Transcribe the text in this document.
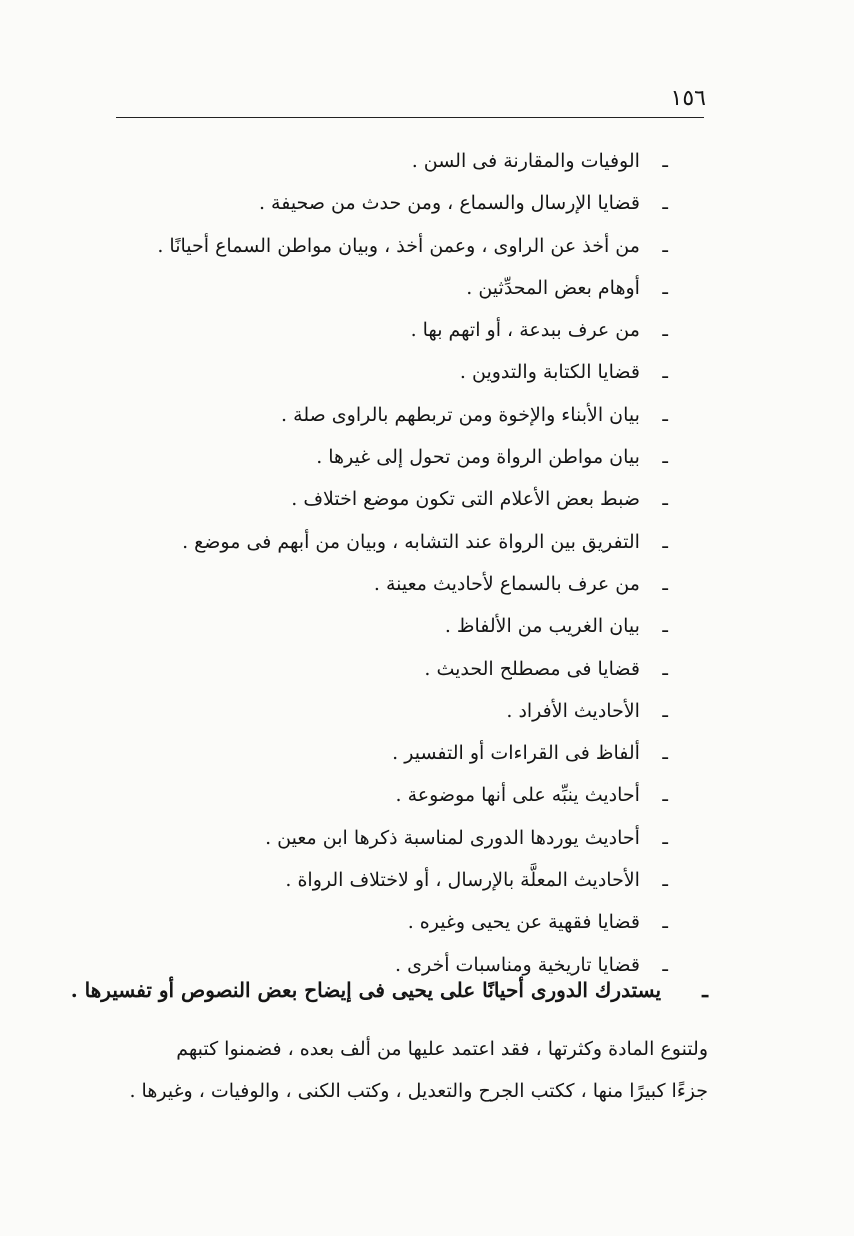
١٥٦
ـ الوفيات والمقارنة فى السن .
ـ قضايا الإرسال والسماع ، ومن حدث من صحيفة .
ـ من أخذ عن الراوى ، وعمن أخذ ، وبيان مواطن السماع أحيانًا .
ـ أوهام بعض المحدِّثين .
ـ من عرف ببدعة ، أو اتهم بها .
ـ قضايا الكتابة والتدوين .
ـ بيان الأبناء والإخوة ومن تربطهم بالراوى صلة .
ـ بيان مواطن الرواة ومن تحول إلى غيرها .
ـ ضبط بعض الأعلام التى تكون موضع اختلاف .
ـ التفريق بين الرواة عند التشابه ، وبيان من أبهم فى موضع .
ـ من عرف بالسماع لأحاديث معينة .
ـ بيان الغريب من الألفاظ .
ـ قضايا فى مصطلح الحديث .
ـ الأحاديث الأفراد .
ـ ألفاظ فى القراءات أو التفسير .
ـ أحاديث ينبِّه على أنها موضوعة .
ـ أحاديث يوردها الدورى لمناسبة ذكرها ابن معين .
ـ الأحاديث المعلَّة بالإرسال ، أو لاختلاف الرواة .
ـ قضايا فقهية عن يحيى وغيره .
ـ قضايا تاريخية ومناسبات أخرى .
ـ يستدرك الدورى أحيانًا على يحيى فى إيضاح بعض النصوص أو تفسيرها .
ولتنوع المادة وكثرتها ، فقد اعتمد عليها من ألف بعده ، فضمنوا كتبهم
جزءًا كبيرًا منها ، ككتب الجرح والتعديل ، وكتب الكنى ، والوفيات ، وغيرها .
